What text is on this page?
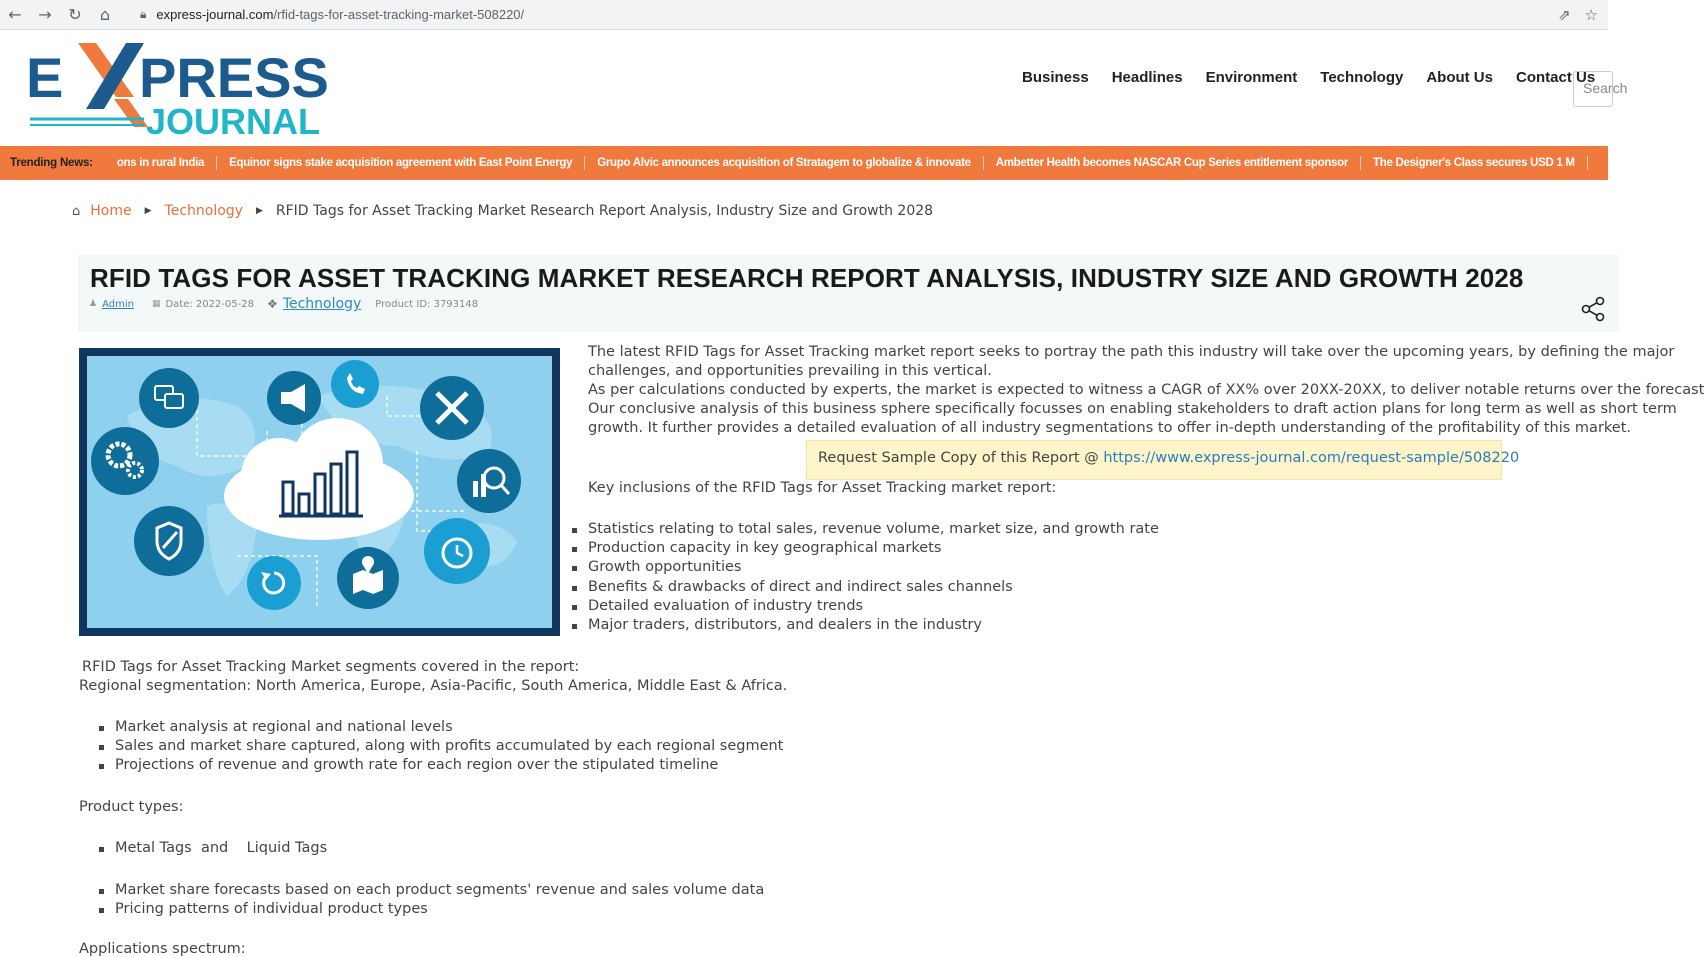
←	→	↻	⌂	🔒︎ express-journal.com/rfid-tags-for-asset-tracking-market-508220/	⇗ ☆
E PRESS
JOURNAL
Business Headlines Environment Technology About Us Contact Us
Search
Trending News:	ons in rural India	Equinor signs stake acquisition agreement with East Point Energy	Grupo Alvic announces acquisition of Stratagem to globalize & innovate	Ambetter Health becomes NASCAR Cup Series entitlement sponsor	The Designer's Class secures USD 1 M
⌂ Home ▶ Technology ▶ RFID Tags for Asset Tracking Market Research Report Analysis, Industry Size and Growth 2028
RFID TAGS FOR ASSET TRACKING MARKET RESEARCH REPORT ANALYSIS, INDUSTRY SIZE AND GROWTH 2028
♟ Admin ▦ Date: 2022-05-28 ❖ Technology Product ID: 3793148

The latest RFID Tags for Asset Tracking market report seeks to portray the path this industry will take over the upcoming years, by defining the major

challenges, and opportunities prevailing in this vertical.

As per calculations conducted by experts, the market is expected to witness a CAGR of XX% over 20XX-20XX, to deliver notable returns over the forecast

Our conclusive analysis of this business sphere specifically focusses on enabling stakeholders to draft action plans for long term as well as short term

growth. It further provides a detailed evaluation of all industry segmentations to offer in-depth understanding of the profitability of this market.

Request Sample Copy of this Report @ https://www.express-journal.com/request-sample/508220
Key inclusions of the RFID Tags for Asset Tracking market report:
Statistics relating to total sales, revenue volume, market size, and growth rate
Production capacity in key geographical markets
Growth opportunities
Benefits & drawbacks of direct and indirect sales channels
Detailed evaluation of industry trends
Major traders, distributors, and dealers in the industry
RFID Tags for Asset Tracking Market segments covered in the report:
Regional segmentation: North America, Europe, Asia-Pacific, South America, Middle East & Africa.
Market analysis at regional and national levels
Sales and market share captured, along with profits accumulated by each regional segment
Projections of revenue and growth rate for each region over the stipulated timeline
Product types:
Metal Tags  and    Liquid Tags
Market share forecasts based on each product segments' revenue and sales volume data
Pricing patterns of individual product types
Applications spectrum:
